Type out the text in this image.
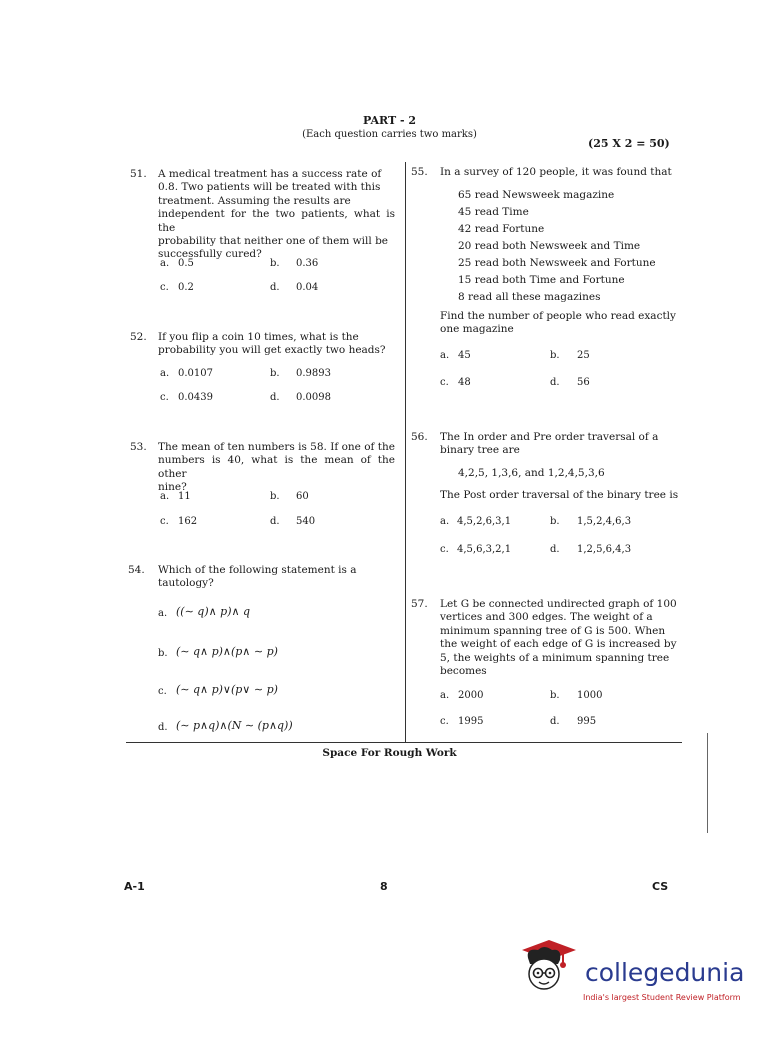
PART - 2
(Each question carries two marks)
(25 X 2 = 50)
51.	A medical treatment has a success rate of
0.8. Two patients will be treated with this
treatment. Assuming the results are
independent for the two patients, what is the
probability that neither one of them will be
successfully cured?
a. 0.5	b. 0.36
c. 0.2	d. 0.04
52.	If you flip a coin 10 times, what is the
probability you will get exactly two heads?
a. 0.0107	b. 0.9893
c. 0.0439	d. 0.0098
53.	The mean of ten numbers is 58. If one of the
numbers is 40, what is the mean of the other
nine?
a. 11	b. 60
c. 162	d. 540
54.	Which of the following statement is a
tautology?
a. ((∼ q)∧ p)∧ q
b. (∼ q∧ p)∧(p∧ ∼ p)
c. (∼ q∧ p)∨(p∨ ∼ p)
d. (∼ p∧q)∧(N ∼ (p∧q))
55.	In a survey of 120 people, it was found that
65 read Newsweek magazine
45 read Time
42 read Fortune
20 read both Newsweek and Time
25 read both Newsweek and Fortune
15 read both Time and Fortune
8 read all these magazines
Find the number of people who read exactly
one magazine
a. 45	b. 25
c. 48	d. 56
56.	The In order and Pre order traversal of a
binary tree are
4,2,5, 1,3,6, and 1,2,4,5,3,6
The Post order traversal of the binary tree is
a. 4,5,2,6,3,1	b. 1,5,2,4,6,3
c. 4,5,6,3,2,1	d. 1,2,5,6,4,3
57.	Let G be connected undirected graph of 100
vertices and 300 edges. The weight of a
minimum spanning tree of G is 500. When
the weight of each edge of G is increased by
5, the weights of a minimum spanning tree
becomes
a. 2000	b. 1000
c. 1995	d. 995
Space For Rough Work
A-1	8	CS
collegedunia
India's largest Student Review Platform
